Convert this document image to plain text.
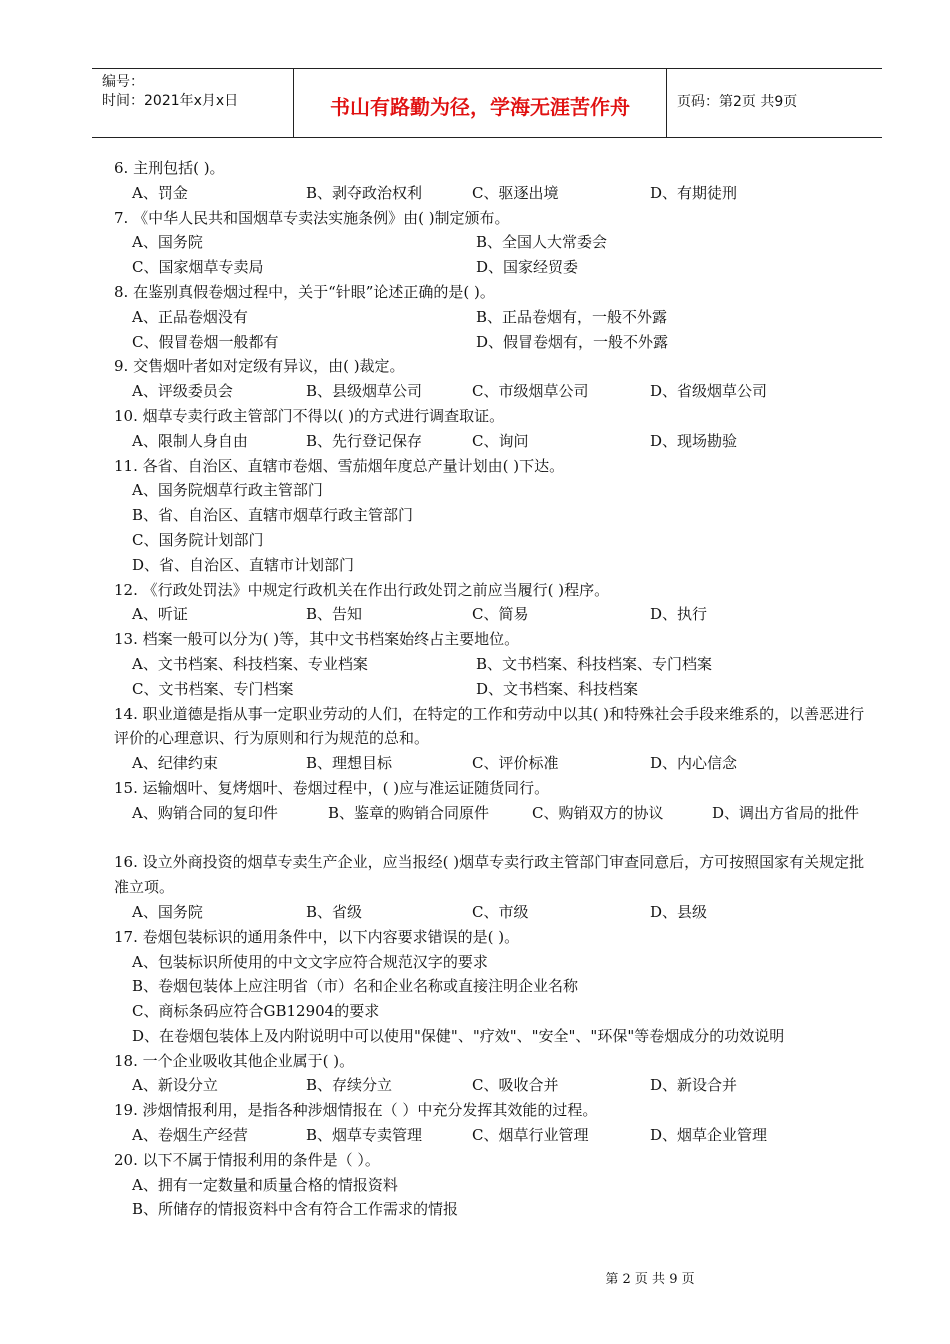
编号：
时间：2021年x月x日	书山有路勤为径，学海无涯苦作舟	页码：第2页 共9页
6. 主刑包括( )。
A、罚金	B、剥夺政治权利	C、驱逐出境	D、有期徒刑
7. 《中华人民共和国烟草专卖法实施条例》由( )制定颁布。
A、国务院	B、全国人大常委会
C、国家烟草专卖局	D、国家经贸委
8. 在鉴别真假卷烟过程中，关于“针眼”论述正确的是( )。
A、正品卷烟没有	B、正品卷烟有，一般不外露
C、假冒卷烟一般都有	D、假冒卷烟有，一般不外露
9. 交售烟叶者如对定级有异议，由( )裁定。
A、评级委员会	B、县级烟草公司	C、市级烟草公司	D、省级烟草公司
10. 烟草专卖行政主管部门不得以( )的方式进行调查取证。
A、限制人身自由	B、先行登记保存	C、询问	D、现场勘验
11. 各省、自治区、直辖市卷烟、雪茄烟年度总产量计划由( )下达。
A、国务院烟草行政主管部门
B、省、自治区、直辖市烟草行政主管部门
C、国务院计划部门
D、省、自治区、直辖市计划部门
12. 《行政处罚法》中规定行政机关在作出行政处罚之前应当履行( )程序。
A、听证	B、告知	C、简易	D、执行
13. 档案一般可以分为( )等，其中文书档案始终占主要地位。
A、文书档案、科技档案、专业档案	B、文书档案、科技档案、专门档案
C、文书档案、专门档案	D、文书档案、科技档案
14. 职业道德是指从事一定职业劳动的人们，在特定的工作和劳动中以其( )和特殊社会手段来维系的，以善恶进行评价的心理意识、行为原则和行为规范的总和。
A、纪律约束	B、理想目标	C、评价标准	D、内心信念
15. 运输烟叶、复烤烟叶、卷烟过程中，( )应与准运证随货同行。
A、购销合同的复印件	B、鉴章的购销合同原件	C、购销双方的协议	D、调出方省局的批件
16. 设立外商投资的烟草专卖生产企业，应当报经( )烟草专卖行政主管部门审查同意后，方可按照国家有关规定批准立项。
A、国务院	B、省级	C、市级	D、县级
17. 卷烟包装标识的通用条件中，以下内容要求错误的是( )。
A、包装标识所使用的中文文字应符合规范汉字的要求
B、卷烟包装体上应注明省（市）名和企业名称或直接注明企业名称
C、商标条码应符合GB12904的要求
D、在卷烟包装体上及内附说明中可以使用"保健"、"疗效"、"安全"、"环保"等卷烟成分的功效说明
18. 一个企业吸收其他企业属于( )。
A、新设分立	B、存续分立	C、吸收合并	D、新设合并
19. 涉烟情报利用，是指各种涉烟情报在（ ）中充分发挥其效能的过程。
A、卷烟生产经营	B、烟草专卖管理	C、烟草行业管理	D、烟草企业管理
20. 以下不属于情报利用的条件是（ ）。
A、拥有一定数量和质量合格的情报资料
B、所储存的情报资料中含有符合工作需求的情报
第 2 页 共 9 页
